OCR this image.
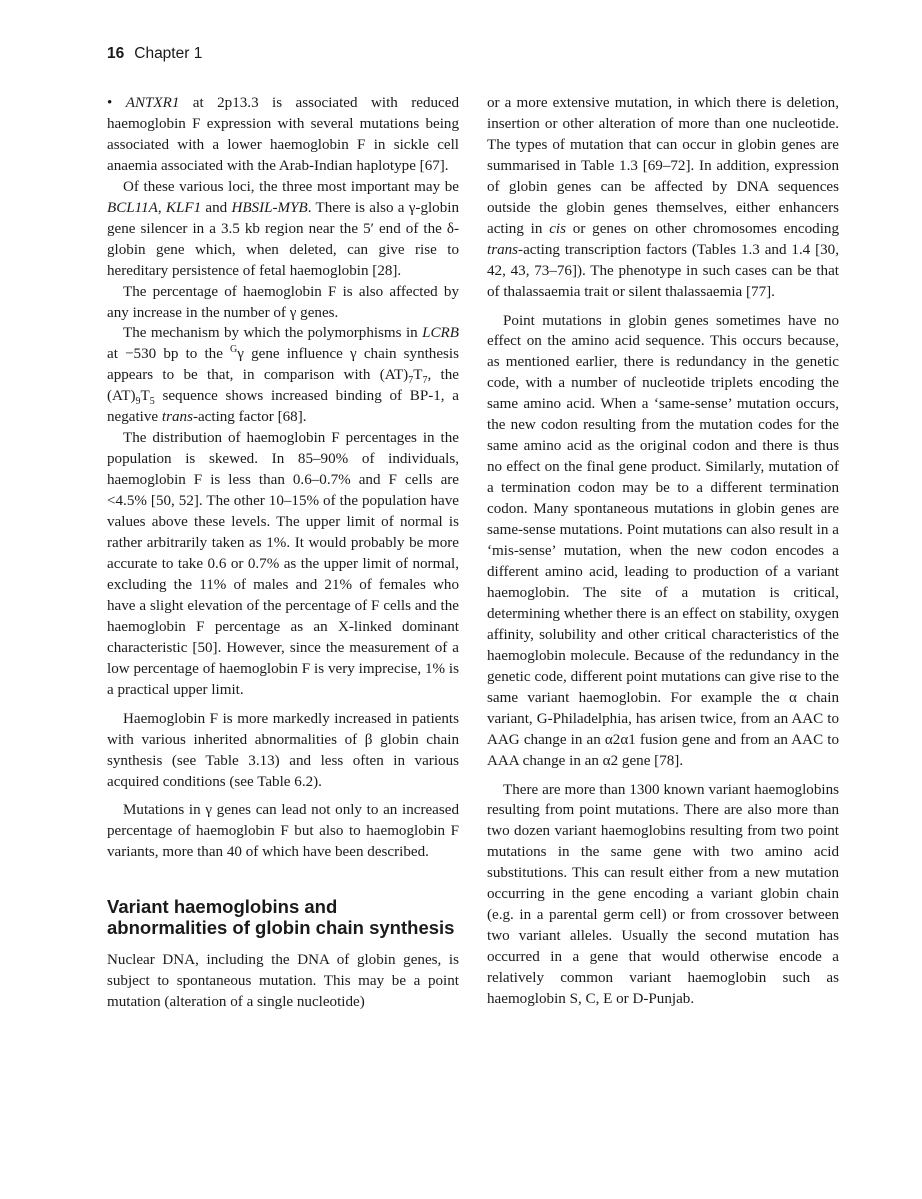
16 Chapter 1

• ANTXR1 at 2p13.3 is associated with reduced haemoglobin F expression with several mutations being associated with a lower haemoglobin F in sickle cell anaemia associated with the Arab-Indian haplotype [67].

Of these various loci, the three most important may be BCL11A, KLF1 and HBSIL-MYB. There is also a γ-globin gene silencer in a 3.5 kb region near the 5′ end of the δ-globin gene which, when deleted, can give rise to hereditary persistence of fetal haemoglobin [28].

The percentage of haemoglobin F is also affected by any increase in the number of γ genes.

The mechanism by which the polymorphisms in LCRB at −530 bp to the $^G$γ gene influence γ chain synthesis appears to be that, in comparison with $(AT)_7T_7$, the $(AT)_9T_5$ sequence shows increased binding of BP-1, a negative trans-acting factor [68].

The distribution of haemoglobin F percentages in the population is skewed. In 85–90% of individuals, haemoglobin F is less than 0.6–0.7% and F cells are <4.5% [50, 52]. The other 10–15% of the population have values above these levels. The upper limit of normal is rather arbitrarily taken as 1%. It would probably be more accurate to take 0.6 or 0.7% as the upper limit of normal, excluding the 11% of males and 21% of females who have a slight elevation of the percentage of F cells and the haemoglobin F percentage as an X-linked dominant characteristic [50]. However, since the measurement of a low percentage of haemoglobin F is very imprecise, 1% is a practical upper limit.

Haemoglobin F is more markedly increased in patients with various inherited abnormalities of β globin chain synthesis (see Table 3.13) and less often in various acquired conditions (see Table 6.2).

Mutations in γ genes can lead not only to an increased percentage of haemoglobin F but also to haemoglobin F variants, more than 40 of which have been described.

Variant haemoglobins and abnormalities of globin chain synthesis

Nuclear DNA, including the DNA of globin genes, is subject to spontaneous mutation. This may be a point mutation (alteration of a single nucleotide)

or a more extensive mutation, in which there is deletion, insertion or other alteration of more than one nucleotide. The types of mutation that can occur in globin genes are summarised in Table 1.3 [69–72]. In addition, expression of globin genes can be affected by DNA sequences outside the globin genes themselves, either enhancers acting in cis or genes on other chromosomes encoding trans-acting transcription factors (Tables 1.3 and 1.4 [30, 42, 43, 73–76]). The phenotype in such cases can be that of thalassaemia trait or silent thalassaemia [77].

Point mutations in globin genes sometimes have no effect on the amino acid sequence. This occurs because, as mentioned earlier, there is redundancy in the genetic code, with a number of nucleotide triplets encoding the same amino acid. When a ‘same-sense’ mutation occurs, the new codon resulting from the mutation codes for the same amino acid as the original codon and there is thus no effect on the final gene product. Similarly, mutation of a termination codon may be to a different termination codon. Many spontaneous mutations in globin genes are same-sense mutations. Point mutations can also result in a ‘mis-sense’ mutation, when the new codon encodes a different amino acid, leading to production of a variant haemoglobin. The site of a mutation is critical, determining whether there is an effect on stability, oxygen affinity, solubility and other critical characteristics of the haemoglobin molecule. Because of the redundancy in the genetic code, different point mutations can give rise to the same variant haemoglobin. For example the α chain variant, G-Philadelphia, has arisen twice, from an AAC to AAG change in an α2α1 fusion gene and from an AAC to AAA change in an α2 gene [78].

There are more than 1300 known variant haemoglobins resulting from point mutations. There are also more than two dozen variant haemoglobins resulting from two point mutations in the same gene with two amino acid substitutions. This can result either from a new mutation occurring in the gene encoding a variant globin chain (e.g. in a parental germ cell) or from crossover between two variant alleles. Usually the second mutation has occurred in a gene that would otherwise encode a relatively common variant haemoglobin such as haemoglobin S, C, E or D-Punjab.
